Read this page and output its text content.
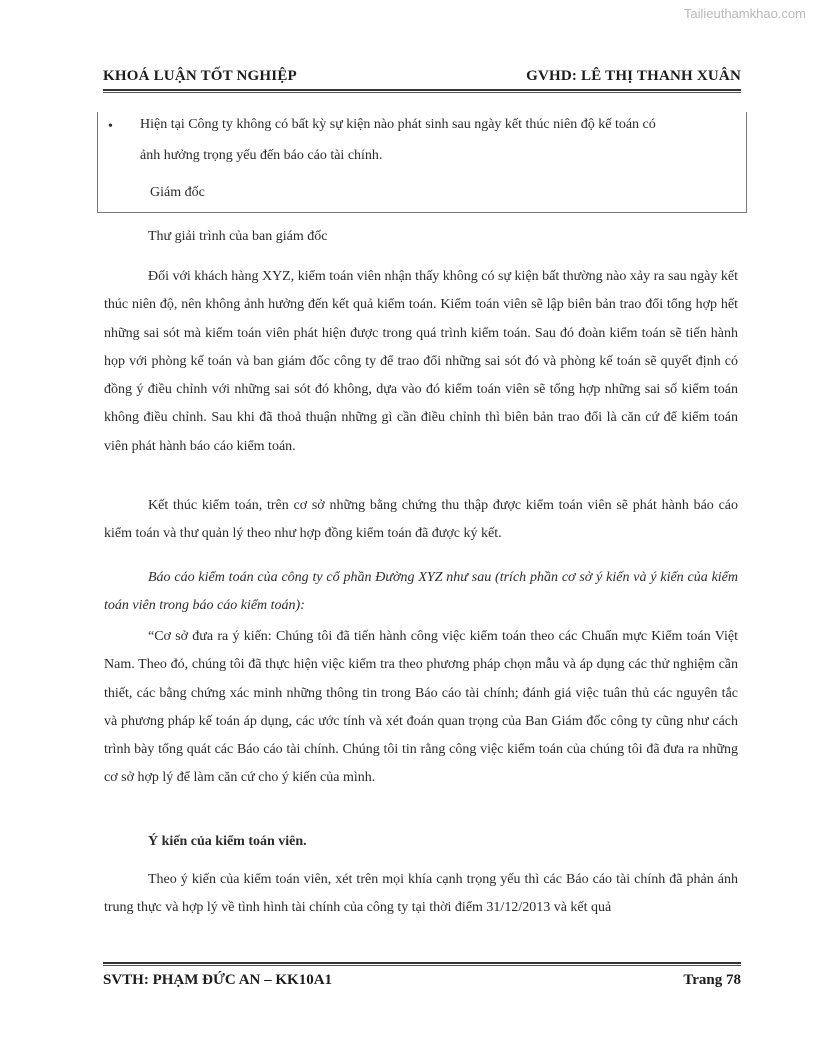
Tailieuthamkhao.com
KHOÁ LUẬN TỐT NGHIỆP	GVHD: LÊ THỊ THANH XUÂN
• Hiện tại Công ty không có bất kỳ sự kiện nào phát sinh sau ngày kết thúc niên độ kế toán có
ảnh hưởng trọng yếu đến báo cáo tài chính.
Giám đốc
Thư giải trình của ban giám đốc
Đối với khách hàng XYZ, kiểm toán viên nhận thấy không có sự kiện bất thường nào xảy ra sau ngày kết thúc niên độ, nên không ảnh hưởng đến kết quả kiểm toán. Kiểm toán viên sẽ lập biên bản trao đổi tổng hợp hết những sai sót mà kiểm toán viên phát hiện được trong quá trình kiểm toán. Sau đó đoàn kiểm toán sẽ tiến hành họp với phòng kế toán và ban giám đốc công ty để trao đổi những sai sót đó và phòng kế toán sẽ quyết định có đồng ý điều chỉnh với những sai sót đó không, dựa vào đó kiểm toán viên sẽ tổng hợp những sai số kiểm toán không điều chỉnh. Sau khi đã thoả thuận những gì cần điều chỉnh thì biên bản trao đổi là căn cứ để kiểm toán viên phát hành báo cáo kiểm toán.
Kết thúc kiểm toán, trên cơ sở những bằng chứng thu thập được kiểm toán viên sẽ phát hành báo cáo kiểm toán và thư quản lý theo như hợp đồng kiểm toán đã được ký kết.
Báo cáo kiểm toán của công ty cổ phần Đường XYZ như sau (trích phần cơ sở ý kiến và ý kiến của kiểm toán viên trong báo cáo kiểm toán):
“Cơ sở đưa ra ý kiến: Chúng tôi đã tiến hành công việc kiểm toán theo các Chuẩn mực Kiểm toán Việt Nam. Theo đó, chúng tôi đã thực hiện việc kiểm tra theo phương pháp chọn mẫu và áp dụng các thử nghiệm cần thiết, các bằng chứng xác minh những thông tin trong Báo cáo tài chính; đánh giá việc tuân thủ các nguyên tắc và phương pháp kế toán áp dụng, các ước tính và xét đoán quan trọng của Ban Giám đốc công ty cũng như cách trình bày tổng quát các Báo cáo tài chính. Chúng tôi tin rằng công việc kiểm toán của chúng tôi đã đưa ra những cơ sở hợp lý để làm căn cứ cho ý kiến của mình.
Ý kiến của kiểm toán viên.
Theo ý kiến của kiểm toán viên, xét trên mọi khía cạnh trọng yếu thì các Báo cáo tài chính đã phản ánh trung thực và hợp lý về tình hình tài chính của công ty tại thời điểm 31/12/2013 và kết quả
SVTH: PHẠM ĐỨC AN – KK10A1	Trang 78
